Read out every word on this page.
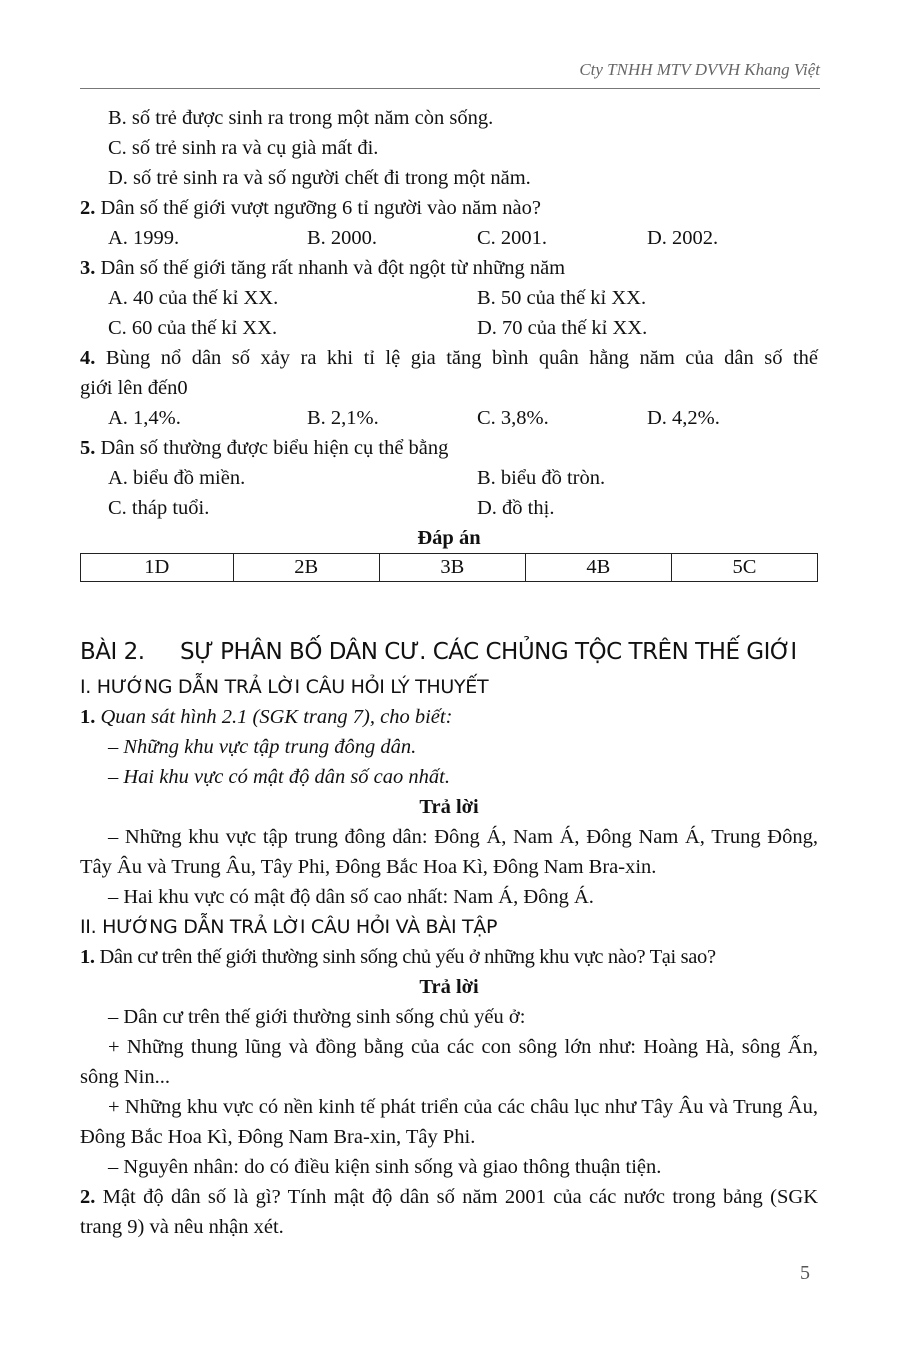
Cty TNHH MTV DVVH Khang Việt
B. số trẻ được sinh ra trong một năm còn sống.
C. số trẻ sinh ra và cụ già mất đi.
D. số trẻ sinh ra và số người chết đi trong một năm.
2. Dân số thế giới vượt ngưỡng 6 tỉ người vào năm nào?
A. 1999.	B. 2000.	C. 2001.	D. 2002.
3. Dân số thế giới tăng rất nhanh và đột ngột từ những năm
A. 40 của thế kỉ XX.	B. 50 của thế kỉ XX.
C. 60 của thế kỉ XX.	D. 70 của thế kỉ XX.
4. Bùng nổ dân số xảy ra khi tỉ lệ gia tăng bình quân hằng năm của dân số thế
giới lên đến0
A. 1,4%.	B. 2,1%.	C. 3,8%.	D. 4,2%.
5. Dân số thường được biểu hiện cụ thể bằng
A. biểu đồ miền.	B. biểu đồ tròn.
C. tháp tuổi.	D. đồ thị.
Đáp án
1D	2B	3B	4B	5C
BÀI 2. SỰ PHÂN BỐ DÂN CƯ. CÁC CHỦNG TỘC TRÊN THẾ GIỚI
I. HƯỚNG DẪN TRẢ LỜI CÂU HỎI LÝ THUYẾT
1. Quan sát hình 2.1 (SGK trang 7), cho biết:
– Những khu vực tập trung đông dân.
– Hai khu vực có mật độ dân số cao nhất.
Trả lời
– Những khu vực tập trung đông dân: Đông Á, Nam Á, Đông Nam Á, Trung Đông, Tây Âu và Trung Âu, Tây Phi, Đông Bắc Hoa Kì, Đông Nam Bra-xin.
– Hai khu vực có mật độ dân số cao nhất: Nam Á, Đông Á.
II. HƯỚNG DẪN TRẢ LỜI CÂU HỎI VÀ BÀI TẬP
1. Dân cư trên thế giới thường sinh sống chủ yếu ở những khu vực nào? Tại sao?
Trả lời
– Dân cư trên thế giới thường sinh sống chủ yếu ở:
+ Những thung lũng và đồng bằng của các con sông lớn như: Hoàng Hà, sông Ấn, sông Nin...
+ Những khu vực có nền kinh tế phát triển của các châu lục như Tây Âu và Trung Âu, Đông Bắc Hoa Kì, Đông Nam Bra-xin, Tây Phi.
– Nguyên nhân: do có điều kiện sinh sống và giao thông thuận tiện.
2. Mật độ dân số là gì? Tính mật độ dân số năm 2001 của các nước trong bảng (SGK trang 9) và nêu nhận xét.
5
